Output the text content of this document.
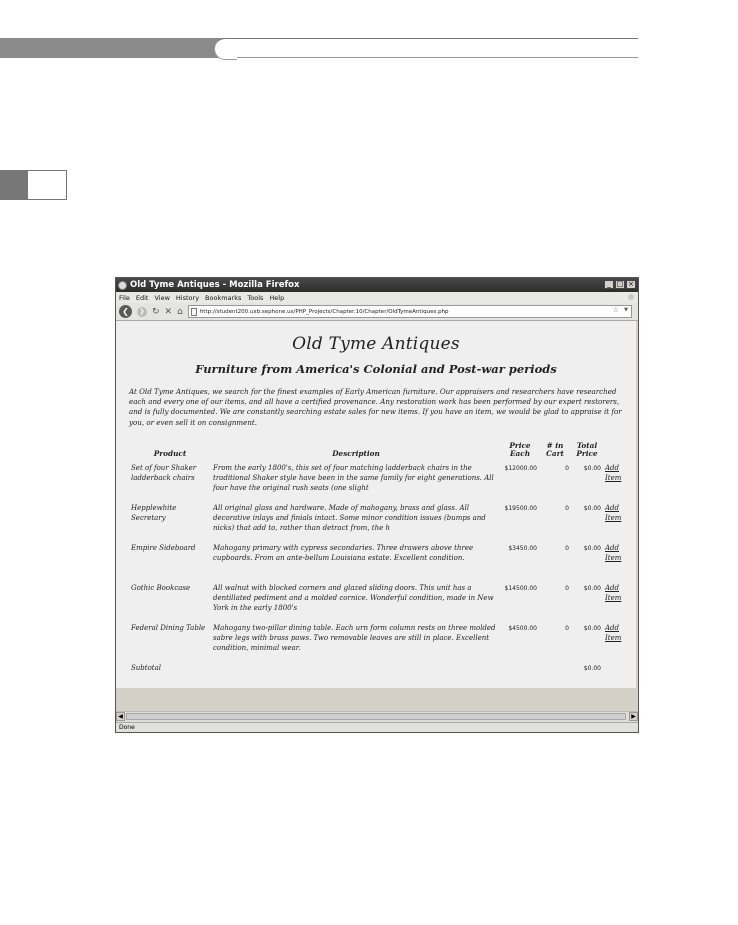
Old Tyme Antiques - Mozilla Firefox	_ □ ×
File Edit View History Bookmarks Tools Help
❮	❯ ↻ ✕ ⌂	http://student200.uxb.sephone.us/PHP_Projects/Chapter.10/Chapter/OldTymeAntiques.php	☆ ▼
Old Tyme Antiques
Furniture from America's Colonial and Post-war periods
At Old Tyme Antiques, we search for the finest examples of Early American furniture. Our appraisers and researchers have researched each and every one of our items, and all have a certified provenance. Any restoration work has been performed by our expert restorers, and is fully documented. We are constantly searching estate sales for new items. If you have an item, we would be glad to appraise it for you, or even sell it on consignment.
Product	Description	Price Each	# in Cart	Total Price	
Set of four Shaker ladderback chairs	From the early 1800's, this set of four matching ladderback chairs in the traditional Shaker style have been in the same family for eight generations. All four have the original rush seats (one slight	$12000.00	0	$0.00	Add Item
Hepplewhite Secretary	All original glass and hardware. Made of mahogany, brass and glass. All decorative inlays and finials intact. Some minor condition issues (bumps and nicks) that add to, rather than detract from, the h	$19500.00	0	$0.00	Add Item
Empire Sideboard	Mahogany primary with cypress secondaries. Three drawers above three cupboards. From an ante-bellum Louisiana estate. Excellent condition.	$3450.00	0	$0.00	Add Item
Gothic Bookcase	All walnut with blocked corners and glazed sliding doors. This unit has a dentillated pediment and a molded cornice. Wonderful condition, made in New York in the early 1800's	$14500.00	0	$0.00	Add Item
Federal Dining Table	Mahogany two-pillar dining table. Each urn form column rests on three molded sabre legs with brass paws. Two removable leaves are still in place. Excellent condition, minimal wear.	$4500.00	0	$0.00	Add Item
Subtotal				$0.00	
◀	▶
Done
